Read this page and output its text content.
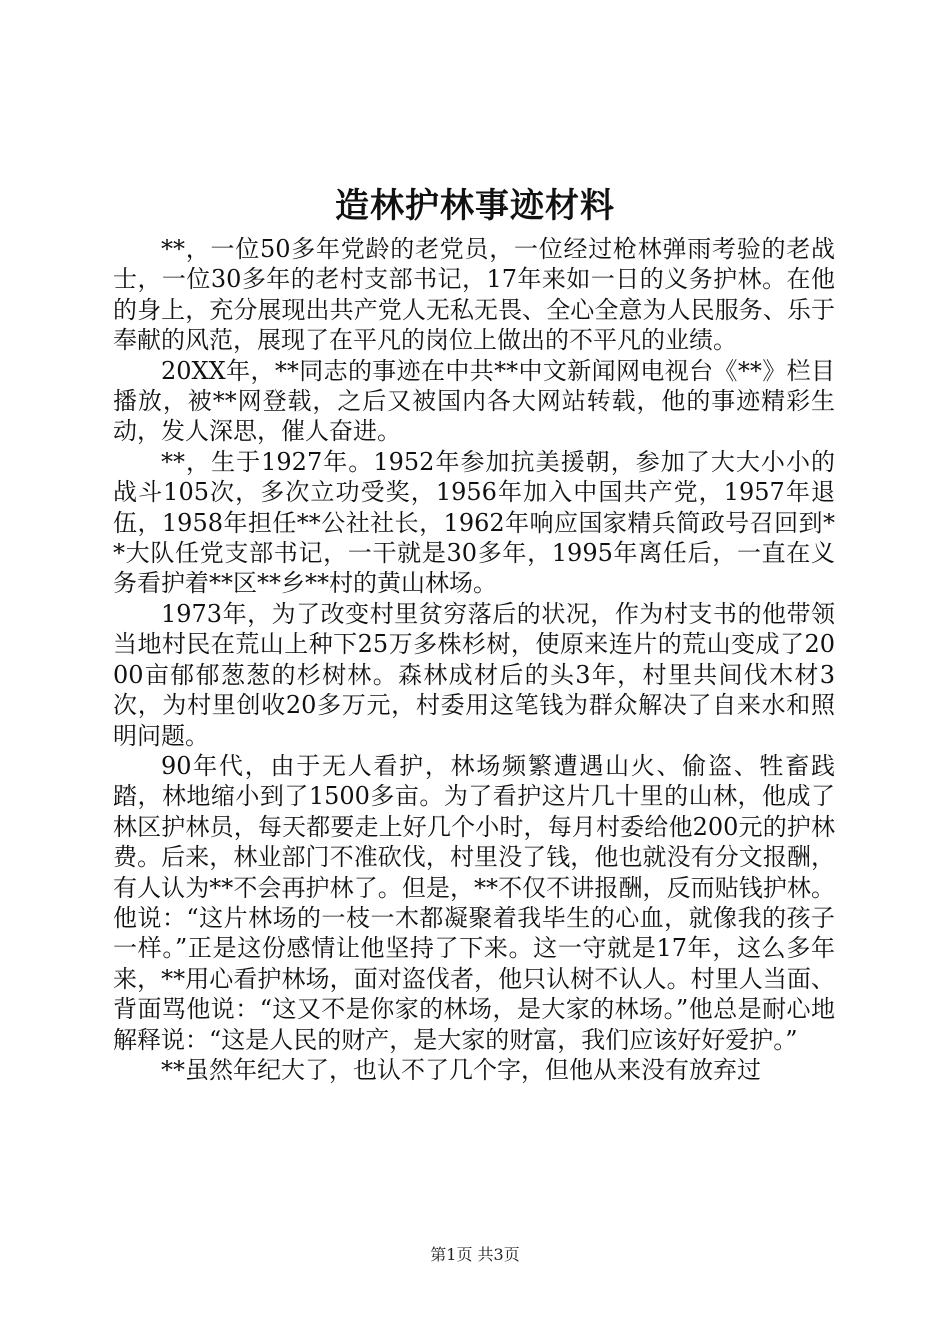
造林护林事迹材料

**，一位50多年党龄的老党员，一位经过枪林弹雨考验的老战士，一位30多年的老村支部书记，17年来如一日的义务护林。在他的身上，充分展现出共产党人无私无畏、全心全意为人民服务、乐于奉献的风范，展现了在平凡的岗位上做出的不平凡的业绩。

20XX年，**同志的事迹在中共**中文新闻网电视台《**》栏目播放，被**网登载，之后又被国内各大网站转载，他的事迹精彩生动，发人深思，催人奋进。

**，生于1927年。1952年参加抗美援朝，参加了大大小小的战斗105次，多次立功受奖，1956年加入中国共产党，1957年退伍，1958年担任**公社社长，1962年响应国家精兵简政号召回到**大队任党支部书记，一干就是30多年，1995年离任后，一直在义务看护着**区**乡**村的黄山林场。

1973年，为了改变村里贫穷落后的状况，作为村支书的他带领当地村民在荒山上种下25万多株杉树，使原来连片的荒山变成了2000亩郁郁葱葱的杉树林。森林成材后的头3年，村里共间伐木材3次，为村里创收20多万元，村委用这笔钱为群众解决了自来水和照明问题。

90年代，由于无人看护，林场频繁遭遇山火、偷盗、牲畜践踏，林地缩小到了1500多亩。为了看护这片几十里的山林，他成了林区护林员，每天都要走上好几个小时，每月村委给他200元的护林费。后来，林业部门不准砍伐，村里没了钱，他也就没有分文报酬，有人认为**不会再护林了。但是，**不仅不讲报酬，反而贴钱护林。他说：“这片林场的一枝一木都凝聚着我毕生的心血，就像我的孩子一样。”正是这份感情让他坚持了下来。这一守就是17年，这么多年来，**用心看护林场，面对盗伐者，他只认树不认人。村里人当面、背面骂他说：“这又不是你家的林场，是大家的林场。”他总是耐心地解释说：“这是人民的财产，是大家的财富，我们应该好好爱护。”

**虽然年纪大了，也认不了几个字，但他从来没有放弃过

第1页 共3页
